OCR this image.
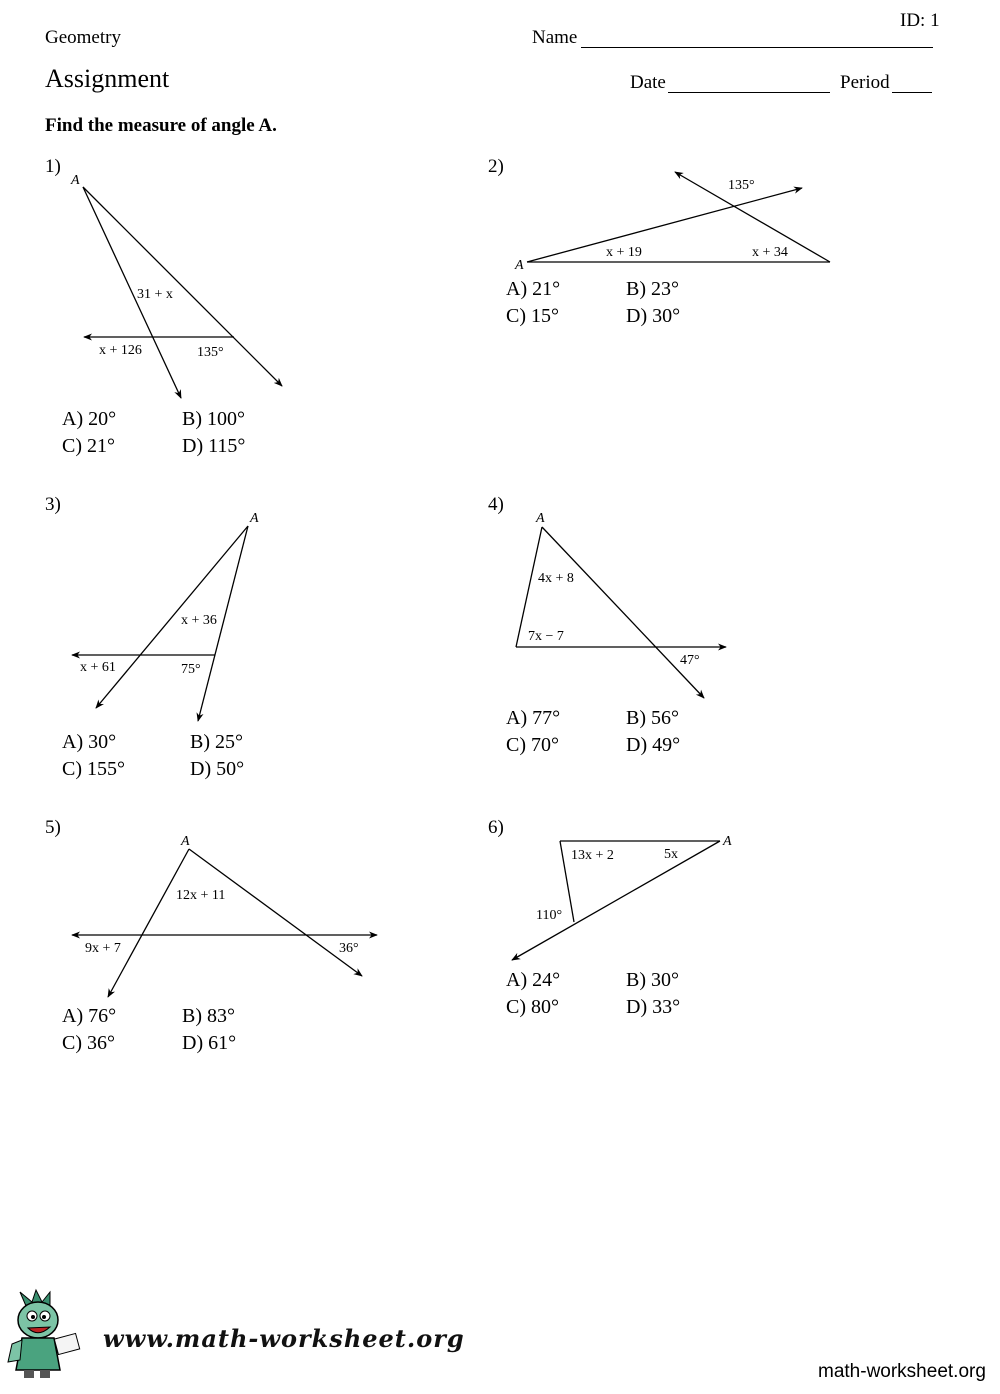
ID: 1
Geometry	Name
Assignment	Date	Period
Find the measure of angle A.
1)
A
31 + x
x + 126	135°
A) 20°	B) 100°
C) 21°	D) 115°
2)
135°
x + 19	x + 34
A
A) 21°	B) 23°
C) 15°	D) 30°
3)
A
x + 36
x + 61	75°
A) 30°	B) 25°
C) 155°	D) 50°
4)
A
4x + 8
7x − 7
47°
A) 77°	B) 56°
C) 70°	D) 49°
5)
A
12x + 11
9x + 7	36°
A) 76°	B) 83°
C) 36°	D) 61°
6)
A
13x + 2	5x
110°
A) 24°	B) 30°
C) 80°	D) 33°
www.math-worksheet.org
math-worksheet.org
